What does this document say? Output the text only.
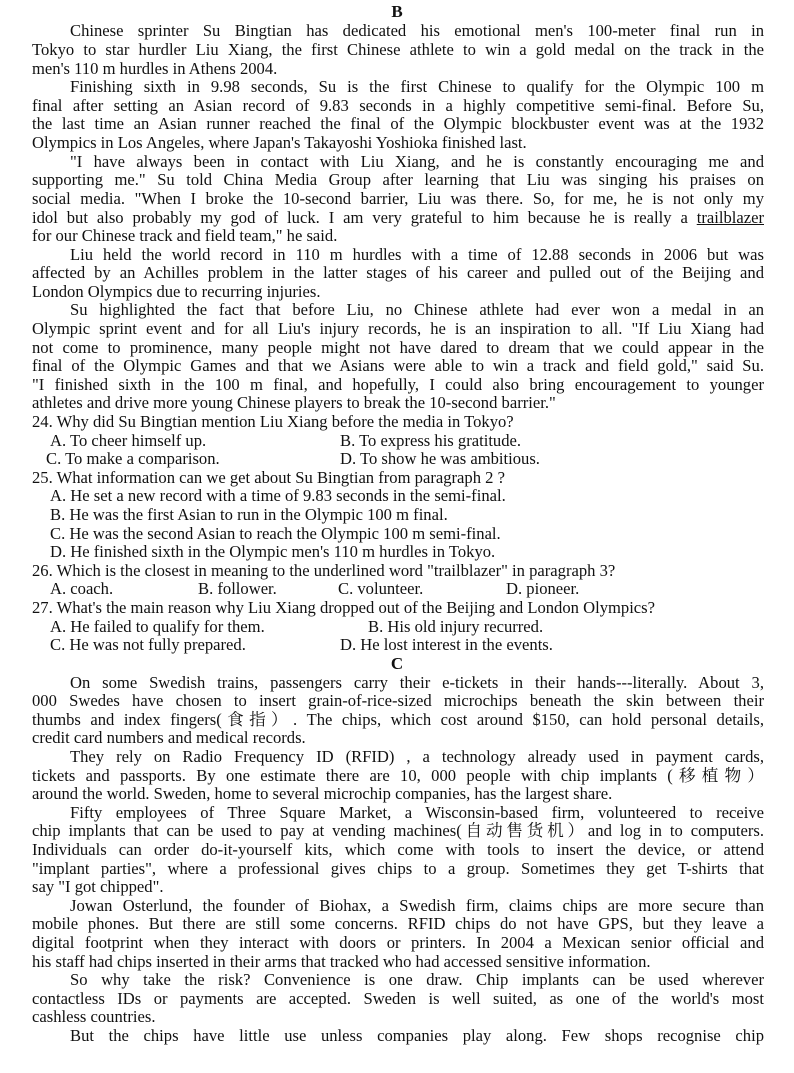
B
Chinese sprinter Su Bingtian has dedicated his emotional men's 100-meter final run in
Tokyo to star hurdler Liu Xiang, the first Chinese athlete to win a gold medal on the track in the
men's 110 m hurdles in Athens 2004.
Finishing sixth in 9.98 seconds, Su is the first Chinese to qualify for the Olympic 100 m
final after setting an Asian record of 9.83 seconds in a highly competitive semi-final. Before Su,
the last time an Asian runner reached the final of the Olympic blockbuster event was at the 1932
Olympics in Los Angeles, where Japan's Takayoshi Yoshioka finished last.
"I have always been in contact with Liu Xiang, and he is constantly encouraging me and
supporting me." Su told China Media Group after learning that Liu was singing his praises on
social media. "When I broke the 10-second barrier, Liu was there. So, for me, he is not only my
idol but also probably my god of luck. I am very grateful to him because he is really a trailblazer
for our Chinese track and field team," he said.
Liu held the world record in 110 m hurdles with a time of 12.88 seconds in 2006 but was
affected by an Achilles problem in the latter stages of his career and pulled out of the Beijing and
London Olympics due to recurring injuries.
Su highlighted the fact that before Liu, no Chinese athlete had ever won a medal in an
Olympic sprint event and for all Liu's injury records, he is an inspiration to all. "If Liu Xiang had
not come to prominence, many people might not have dared to dream that we could appear in the
final of the Olympic Games and that we Asians were able to win a track and field gold," said Su.
"I finished sixth in the 100 m final, and hopefully, I could also bring encouragement to younger
athletes and drive more young Chinese players to break the 10-second barrier."
24. Why did Su Bingtian mention Liu Xiang before the media in Tokyo?
A. To cheer himself up.	B. To express his gratitude.
C. To make a comparison.	D. To show he was ambitious.
25. What information can we get about Su Bingtian from paragraph 2 ?
A. He set a new record with a time of 9.83 seconds in the semi-final.
B. He was the first Asian to run in the Olympic 100 m final.
C. He was the second Asian to reach the Olympic 100 m semi-final.
D. He finished sixth in the Olympic men's 110 m hurdles in Tokyo.
26. Which is the closest in meaning to the underlined word "trailblazer" in paragraph 3?
A. coach.	B. follower.	C. volunteer.	D. pioneer.
27. What's the main reason why Liu Xiang dropped out of the Beijing and London Olympics?
A. He failed to qualify for them.	B. His old injury recurred.
C. He was not fully prepared.	D. He lost interest in the events.
C
On some Swedish trains, passengers carry their e-tickets in their hands---literally. About 3,
000 Swedes have chosen to insert grain-of-rice-sized microchips beneath the skin between their
thumbs and index fingers(食指）. The chips, which cost around $150, can hold personal details,
credit card numbers and medical records.
They rely on Radio Frequency ID (RFID) , a technology already used in payment cards,
tickets and passports. By one estimate there are 10, 000 people with chip implants (移植物）
around the world. Sweden, home to several microchip companies, has the largest share.
Fifty employees of Three Square Market, a Wisconsin-based firm, volunteered to receive
chip implants that can be used to pay at vending machines(自动售货机）and log in to computers.
Individuals can order do-it-yourself kits, which come with tools to insert the device, or attend
"implant parties", where a professional gives chips to a group. Sometimes they get T-shirts that
say "I got chipped".
Jowan Osterlund, the founder of Biohax, a Swedish firm, claims chips are more secure than
mobile phones. But there are still some concerns. RFID chips do not have GPS, but they leave a
digital footprint when they interact with doors or printers. In 2004 a Mexican senior official and
his staff had chips inserted in their arms that tracked who had accessed sensitive information.
So why take the risk? Convenience is one draw. Chip implants can be used wherever
contactless IDs or payments are accepted. Sweden is well suited, as one of the world's most
cashless countries.
But the chips have little use unless companies play along. Few shops recognise chip
